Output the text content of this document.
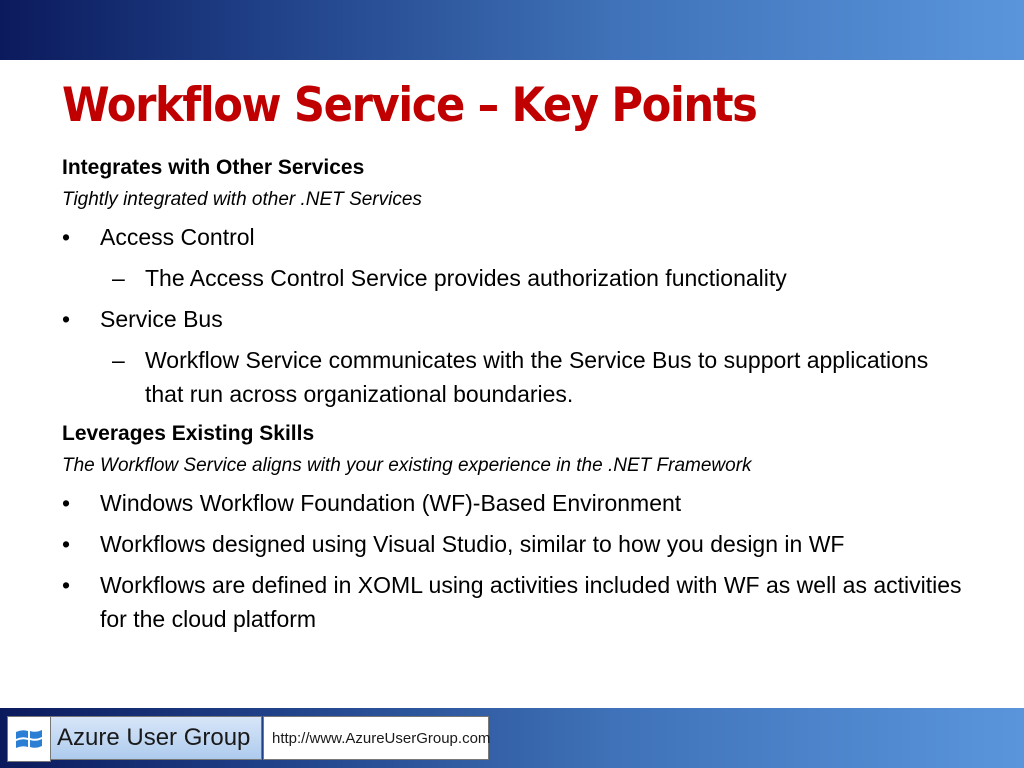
Workflow Service – Key Points

Integrates with Other Services

Tightly integrated with other .NET Services

•	Access Control
– The Access Control Service provides authorization functionality
•	Service Bus
– Workflow Service communicates with the Service Bus to support applications that run across organizational boundaries.

Leverages Existing Skills

The Workflow Service aligns with your existing experience in the .NET Framework

•	Windows Workflow Foundation (WF)-Based Environment
•	Workflows designed using Visual Studio, similar to how you design in WF
•	Workflows are defined in XOML using activities included with WF as well as activities for the cloud platform
Azure User Group	http://www.AzureUserGroup.com
